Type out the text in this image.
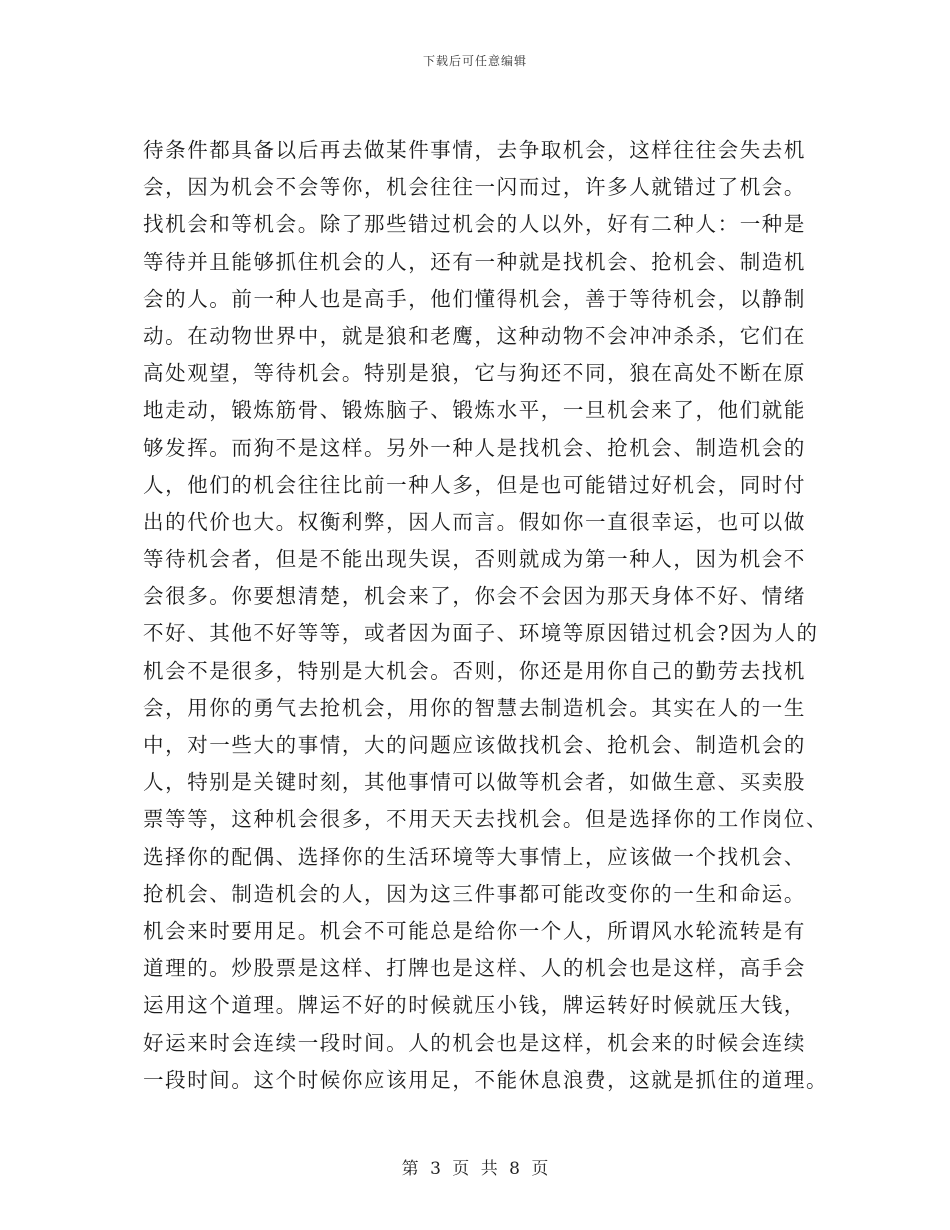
下载后可任意编辑
待条件都具备以后再去做某件事情，去争取机会，这样往往会失去机
会，因为机会不会等你，机会往往一闪而过，许多人就错过了机会。
找机会和等机会。除了那些错过机会的人以外，好有二种人：一种是
等待并且能够抓住机会的人，还有一种就是找机会、抢机会、制造机
会的人。前一种人也是高手，他们懂得机会，善于等待机会，以静制
动。在动物世界中，就是狼和老鹰，这种动物不会冲冲杀杀，它们在
高处观望，等待机会。特别是狼，它与狗还不同，狼在高处不断在原
地走动，锻炼筋骨、锻炼脑子、锻炼水平，一旦机会来了，他们就能
够发挥。而狗不是这样。另外一种人是找机会、抢机会、制造机会的
人，他们的机会往往比前一种人多，但是也可能错过好机会，同时付
出的代价也大。权衡利弊，因人而言。假如你一直很幸运，也可以做
等待机会者，但是不能出现失误，否则就成为第一种人，因为机会不
会很多。你要想清楚，机会来了，你会不会因为那天身体不好、情绪
不好、其他不好等等，或者因为面子、环境等原因错过机会?因为人的
机会不是很多，特别是大机会。否则，你还是用你自己的勤劳去找机
会，用你的勇气去抢机会，用你的智慧去制造机会。其实在人的一生
中，对一些大的事情，大的问题应该做找机会、抢机会、制造机会的
人，特别是关键时刻，其他事情可以做等机会者，如做生意、买卖股
票等等，这种机会很多，不用天天去找机会。但是选择你的工作岗位、
选择你的配偶、选择你的生活环境等大事情上，应该做一个找机会、
抢机会、制造机会的人，因为这三件事都可能改变你的一生和命运。
机会来时要用足。机会不可能总是给你一个人，所谓风水轮流转是有
道理的。炒股票是这样、打牌也是这样、人的机会也是这样，高手会
运用这个道理。牌运不好的时候就压小钱，牌运转好时候就压大钱，
好运来时会连续一段时间。人的机会也是这样，机会来的时候会连续
一段时间。这个时候你应该用足，不能休息浪费，这就是抓住的道理。
第 3 页 共 8 页
